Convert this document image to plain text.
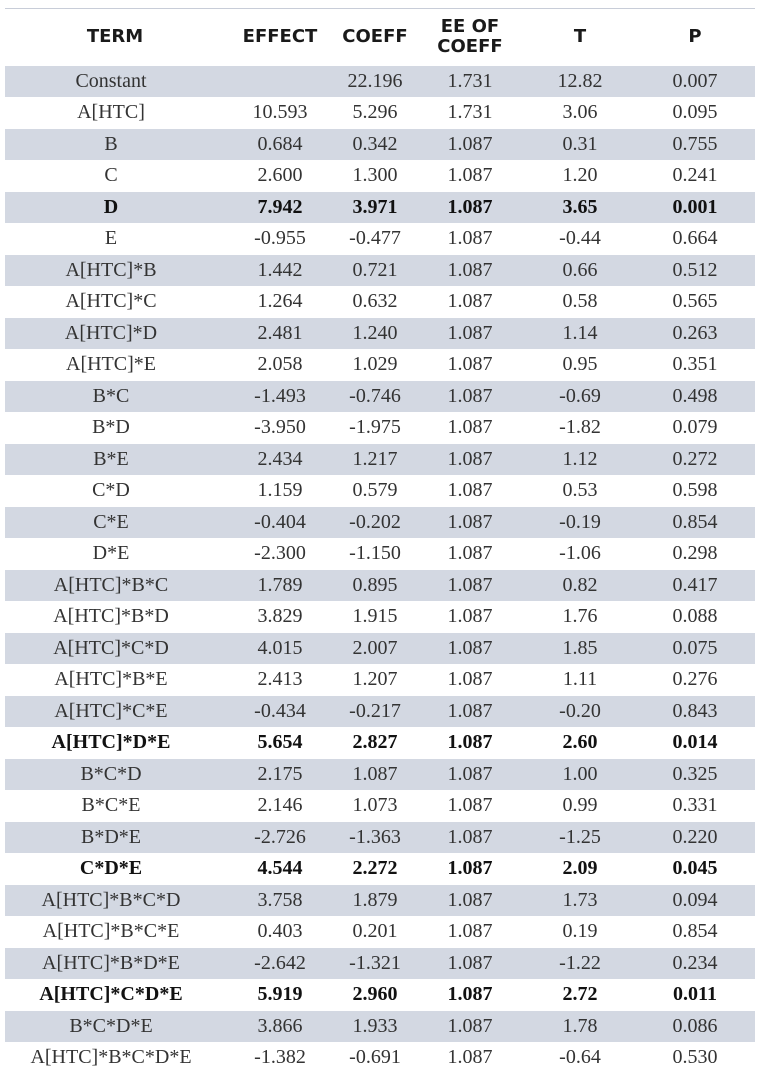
TERM	EFFECT	COEFF	EE OF COEFF	T	P
Constant		22.196	1.731	12.82	0.007
A[HTC]	10.593	5.296	1.731	3.06	0.095
B	0.684	0.342	1.087	0.31	0.755
C	2.600	1.300	1.087	1.20	0.241
D	7.942	3.971	1.087	3.65	0.001
E	-0.955	-0.477	1.087	-0.44	0.664
A[HTC]*B	1.442	0.721	1.087	0.66	0.512
A[HTC]*C	1.264	0.632	1.087	0.58	0.565
A[HTC]*D	2.481	1.240	1.087	1.14	0.263
A[HTC]*E	2.058	1.029	1.087	0.95	0.351
B*C	-1.493	-0.746	1.087	-0.69	0.498
B*D	-3.950	-1.975	1.087	-1.82	0.079
B*E	2.434	1.217	1.087	1.12	0.272
C*D	1.159	0.579	1.087	0.53	0.598
C*E	-0.404	-0.202	1.087	-0.19	0.854
D*E	-2.300	-1.150	1.087	-1.06	0.298
A[HTC]*B*C	1.789	0.895	1.087	0.82	0.417
A[HTC]*B*D	3.829	1.915	1.087	1.76	0.088
A[HTC]*C*D	4.015	2.007	1.087	1.85	0.075
A[HTC]*B*E	2.413	1.207	1.087	1.11	0.276
A[HTC]*C*E	-0.434	-0.217	1.087	-0.20	0.843
A[HTC]*D*E	5.654	2.827	1.087	2.60	0.014
B*C*D	2.175	1.087	1.087	1.00	0.325
B*C*E	2.146	1.073	1.087	0.99	0.331
B*D*E	-2.726	-1.363	1.087	-1.25	0.220
C*D*E	4.544	2.272	1.087	2.09	0.045
A[HTC]*B*C*D	3.758	1.879	1.087	1.73	0.094
A[HTC]*B*C*E	0.403	0.201	1.087	0.19	0.854
A[HTC]*B*D*E	-2.642	-1.321	1.087	-1.22	0.234
A[HTC]*C*D*E	5.919	2.960	1.087	2.72	0.011
B*C*D*E	3.866	1.933	1.087	1.78	0.086
A[HTC]*B*C*D*E	-1.382	-0.691	1.087	-0.64	0.530
